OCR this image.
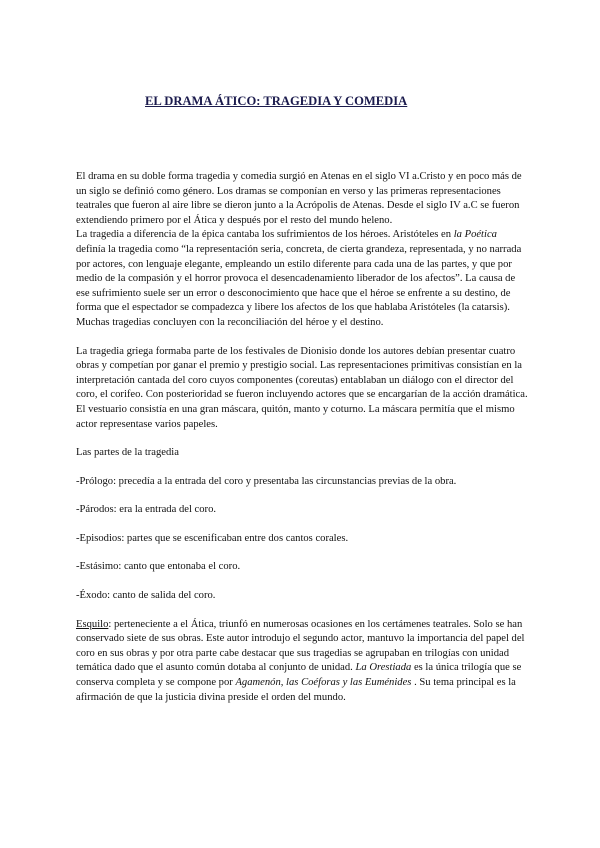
EL DRAMA ÁTICO: TRAGEDIA Y COMEDIA

El drama en su doble forma tragedia y comedia surgió en Atenas en el siglo VI a.Cristo y en poco más de un siglo se definió como género. Los dramas se componían en verso y las primeras representaciones teatrales que fueron al aire libre se dieron junto a la Acrópolis de Atenas. Desde el siglo IV a.C se fueron extendiendo primero por el Ática y después por el resto del mundo heleno.

La tragedia a diferencia de la épica cantaba los sufrimientos de los héroes. Aristóteles en la Poética definía la tragedia como “la representación seria, concreta, de cierta grandeza, representada, y no narrada por actores, con lenguaje elegante, empleando un estilo diferente para cada una de las partes, y que por medio de la compasión y el horror provoca el desencadenamiento liberador de los afectos”. La causa de ese sufrimiento suele ser un error o desconocimiento que hace que el héroe se enfrente a su destino, de forma que el espectador se compadezca y libere los afectos de los que hablaba Aristóteles (la catarsis).

Muchas tragedias concluyen con la reconciliación del héroe y el destino.

La tragedia griega formaba parte de los festivales de Dionisio donde los autores debían presentar cuatro obras y competían por ganar el premio y prestigio social. Las representaciones primitivas consistían en la interpretación cantada del coro cuyos componentes (coreutas) entablaban un diálogo con el director del coro, el corifeo. Con posterioridad se fueron incluyendo actores que se encargarían de la acción dramática.

El vestuario consistía en una gran máscara, quitón, manto y coturno. La máscara permitía que el mismo actor representase varios papeles.

Las partes de la tragedia

-Prólogo: precedía a la entrada del coro y presentaba las circunstancias previas de la obra.

-Párodos: era la entrada del coro.

-Episodios: partes que se escenificaban entre dos cantos corales.

-Estásimo: canto que entonaba el coro.

-Éxodo: canto de salida del coro.

Esquilo: perteneciente a el Ática, triunfó en numerosas ocasiones en los certámenes teatrales. Solo se han conservado siete de sus obras. Este autor introdujo el segundo actor, mantuvo la importancia del papel del coro en sus obras y por otra parte cabe destacar que sus tragedias se agrupaban en trilogías con unidad temática dado que el asunto común dotaba al conjunto de unidad. La Orestiada es la única trilogía que se conserva completa y se compone por Agamenón, las Coéforas y las Euménides . Su tema principal es la afirmación de que la justicia divina preside el orden del mundo.
